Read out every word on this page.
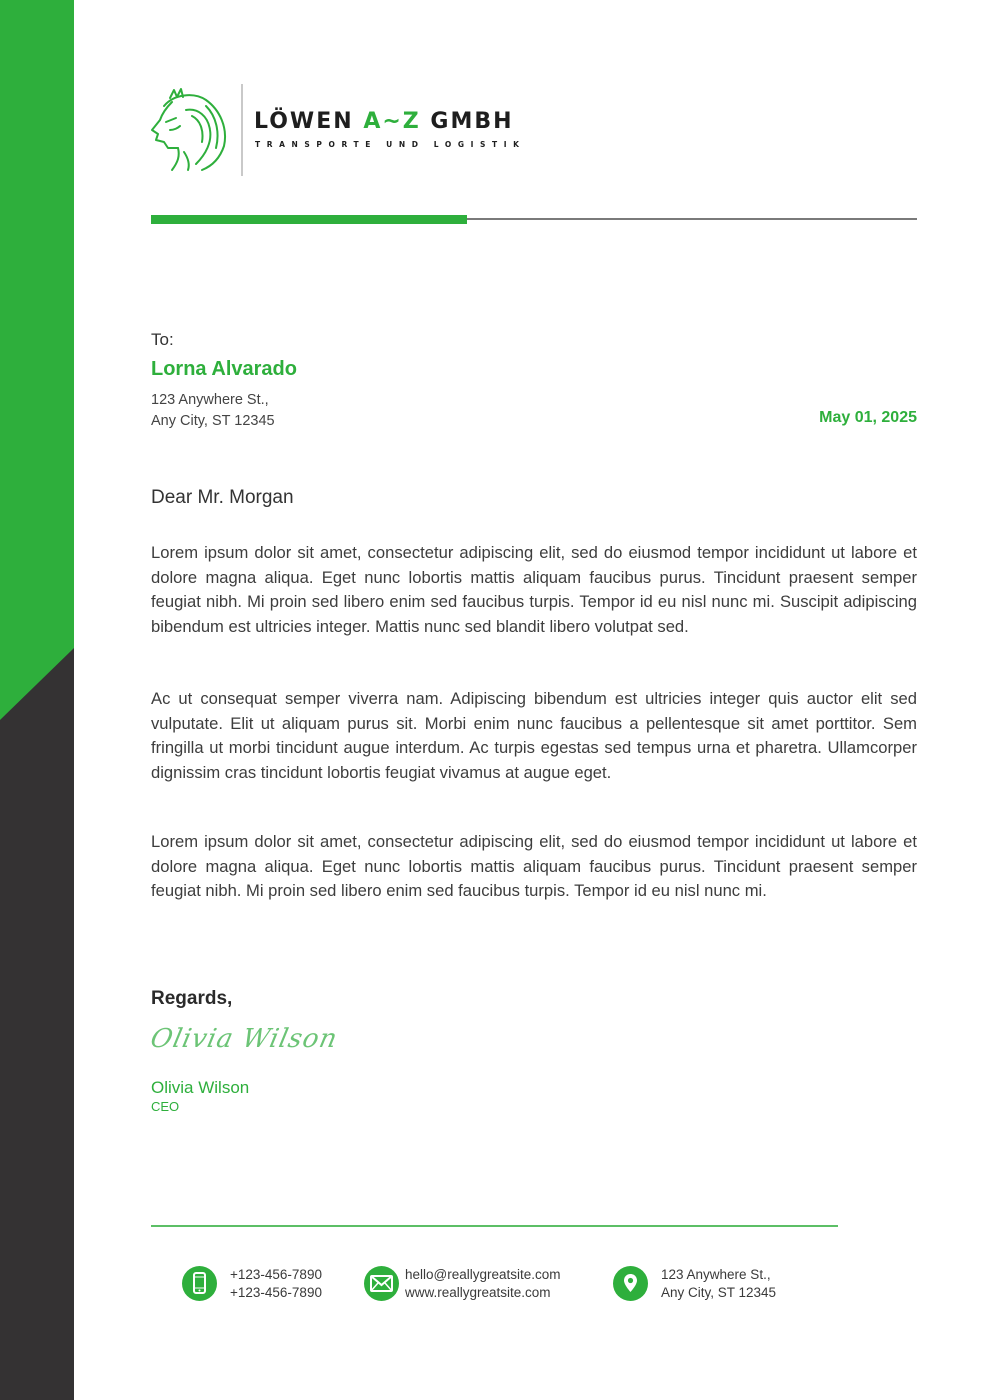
LÖWEN A~Z GMBH
TRANSPORTE UND LOGISTIK
To:
Lorna Alvarado
123 Anywhere St.,
Any City, ST 12345	May 01, 2025
Dear Mr. Morgan

Lorem ipsum dolor sit amet, consectetur adipiscing elit, sed do eiusmod tempor incididunt ut labore et dolore magna aliqua. Eget nunc lobortis mattis aliquam faucibus purus. Tincidunt praesent semper feugiat nibh. Mi proin sed libero enim sed faucibus turpis. Tempor id eu nisl nunc mi. Suscipit adipiscing bibendum est ultricies integer. Mattis nunc sed blandit libero volutpat sed.

Ac ut consequat semper viverra nam. Adipiscing bibendum est ultricies integer quis auctor elit sed vulputate. Elit ut aliquam purus sit. Morbi enim nunc faucibus a pellentesque sit amet porttitor. Sem fringilla ut morbi tincidunt augue interdum. Ac turpis egestas sed tempus urna et pharetra. Ullamcorper dignissim cras tincidunt lobortis feugiat vivamus at augue eget.

Lorem ipsum dolor sit amet, consectetur adipiscing elit, sed do eiusmod tempor incididunt ut labore et dolore magna aliqua. Eget nunc lobortis mattis aliquam faucibus purus. Tincidunt praesent semper feugiat nibh. Mi proin sed libero enim sed faucibus turpis. Tempor id eu nisl nunc mi.

Regards,
Olivia Wilson
Olivia Wilson
CEO
+123-456-7890
+123-456-7890
hello@reallygreatsite.com
www.reallygreatsite.com
123 Anywhere St.,
Any City, ST 12345
